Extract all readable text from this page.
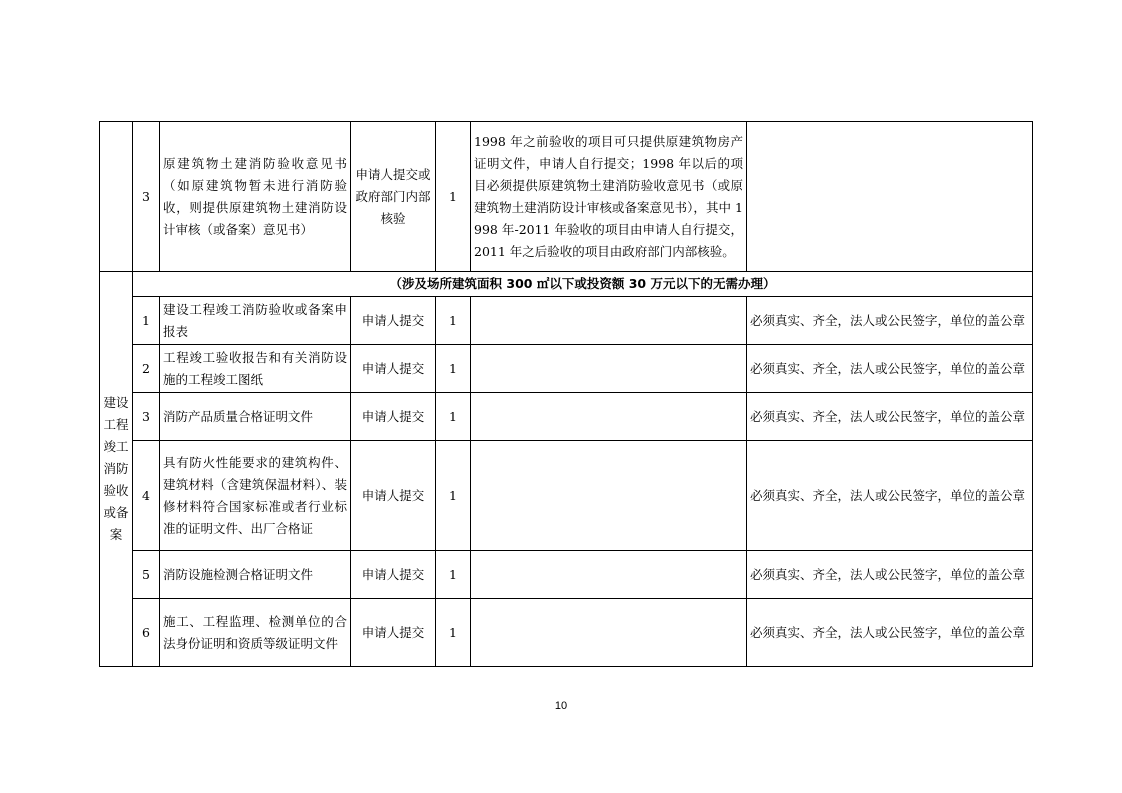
	3	原建筑物土建消防验收意见书（如原建筑物暂未进行消防验收，则提供原建筑物土建消防设计审核（或备案）意见书）	申请人提交或政府部门内部核验	1	1998 年之前验收的项目可只提供原建筑物房产证明文件，申请人自行提交；1998 年以后的项目必须提供原建筑物土建消防验收意见书（或原建筑物土建消防设计审核或备案意见书），其中 1998 年-2011 年验收的项目由申请人自行提交，2011 年之后验收的项目由政府部门内部核验。	
建设工程竣工消防验收或备案	（涉及场所建筑面积 300 ㎡以下或投资额 30 万元以下的无需办理）					
	1	建设工程竣工消防验收或备案申报表	申请人提交	1		必须真实、齐全，法人或公民签字，单位的盖公章
	2	工程竣工验收报告和有关消防设施的工程竣工图纸	申请人提交	1		必须真实、齐全，法人或公民签字，单位的盖公章
	3	消防产品质量合格证明文件	申请人提交	1		必须真实、齐全，法人或公民签字，单位的盖公章
	4	具有防火性能要求的建筑构件、建筑材料（含建筑保温材料）、装修材料符合国家标准或者行业标准的证明文件、出厂合格证	申请人提交	1		必须真实、齐全，法人或公民签字，单位的盖公章
	5	消防设施检测合格证明文件	申请人提交	1		必须真实、齐全，法人或公民签字，单位的盖公章
	6	施工、工程监理、检测单位的合法身份证明和资质等级证明文件	申请人提交	1		必须真实、齐全，法人或公民签字，单位的盖公章
10
